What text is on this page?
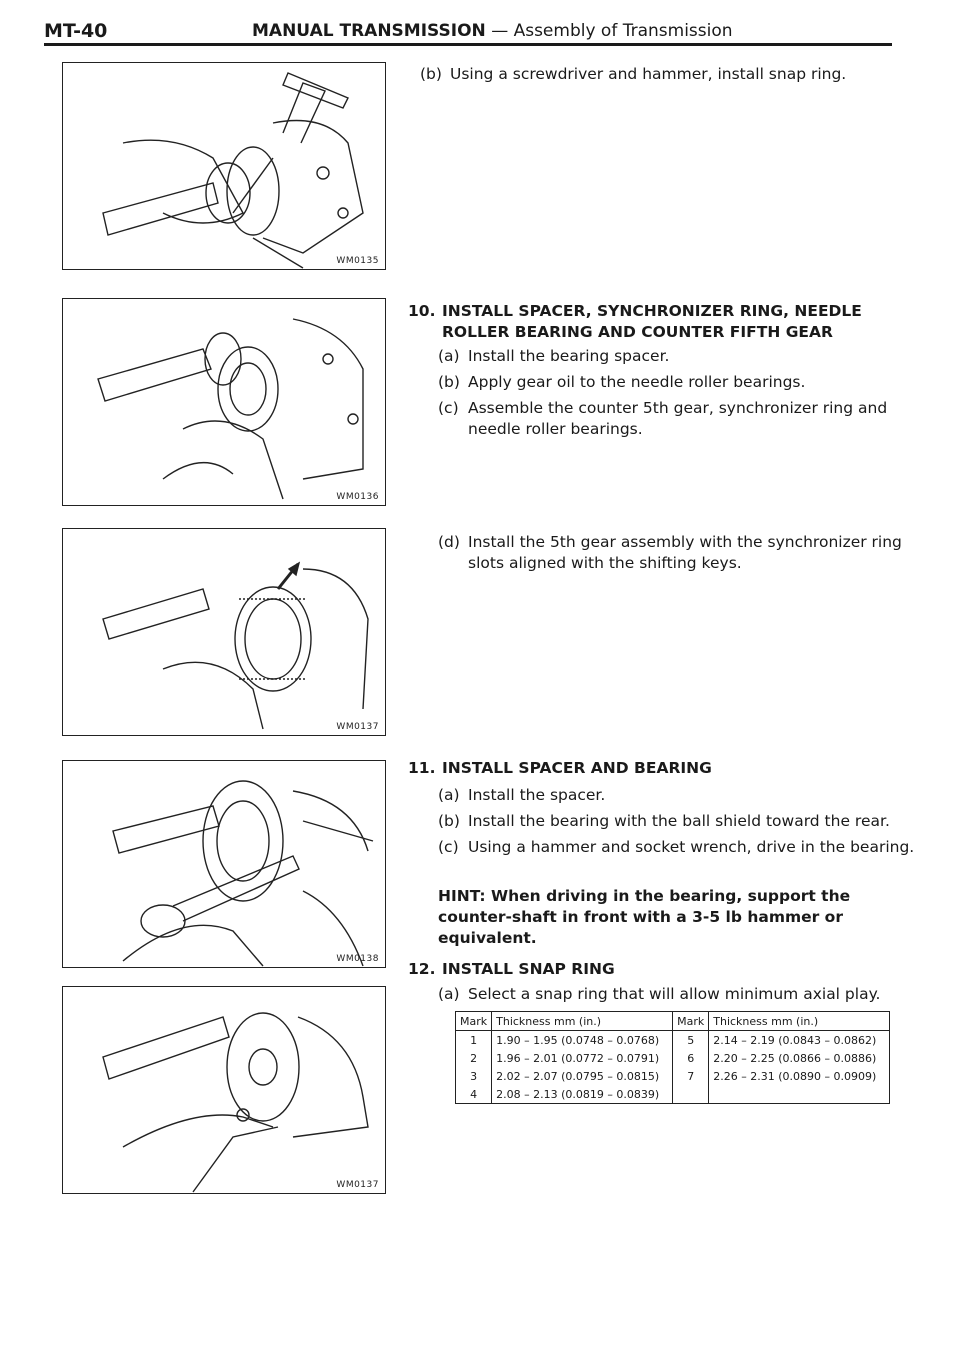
MT-40	MANUAL TRANSMISSION — Assembly of Transmission
WM0135
WM0136
WM0137
WM0138
WM0137
(b) Using a screwdriver and hammer, install snap ring.
10. INSTALL SPACER, SYNCHRONIZER RING, NEEDLE ROLLER BEARING AND COUNTER FIFTH GEAR
(a) Install the bearing spacer.
(b) Apply gear oil to the needle roller bearings.
(c) Assemble the counter 5th gear, synchronizer ring and needle roller bearings.
(d) Install the 5th gear assembly with the synchronizer ring slots aligned with the shifting keys.
11. INSTALL SPACER AND BEARING
(a) Install the spacer.
(b) Install the bearing with the ball shield toward the rear.
(c) Using a hammer and socket wrench, drive in the bearing.
HINT: When driving in the bearing, support the counter-shaft in front with a 3-5 lb hammer or equivalent.
12. INSTALL SNAP RING
(a) Select a snap ring that will allow minimum axial play.
Mark	Thickness mm (in.)	Mark	Thickness mm (in.)
1	1.90 – 1.95 (0.0748 – 0.0768)	5	2.14 – 2.19 (0.0843 – 0.0862)
2	1.96 – 2.01 (0.0772 – 0.0791)	6	2.20 – 2.25 (0.0866 – 0.0886)
3	2.02 – 2.07 (0.0795 – 0.0815)	7	2.26 – 2.31 (0.0890 – 0.0909)
4	2.08 – 2.13 (0.0819 – 0.0839)		
